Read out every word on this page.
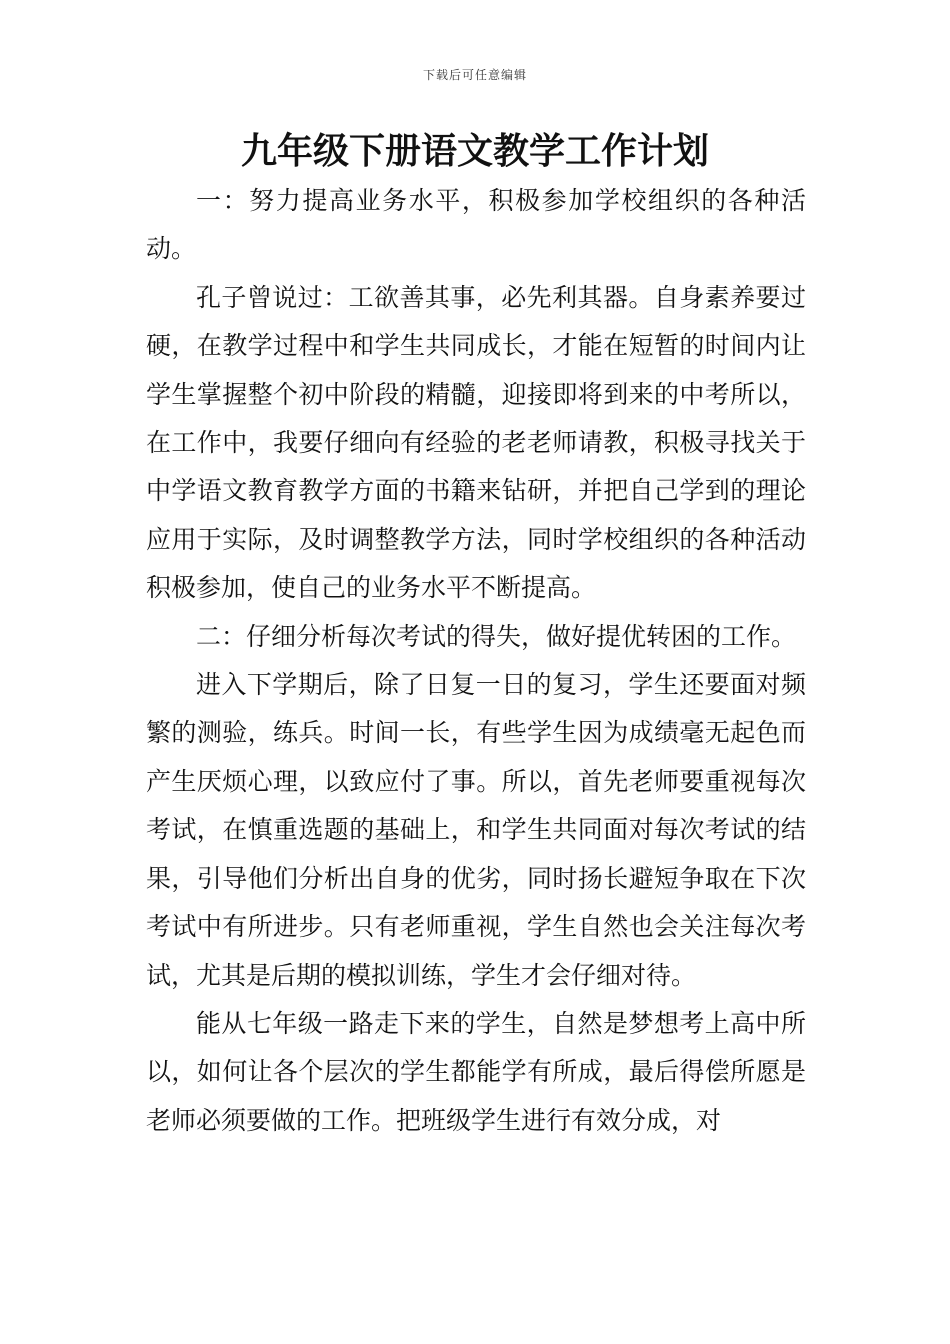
下载后可任意编辑
九年级下册语文教学工作计划

一：努力提高业务水平，积极参加学校组织的各种活动。

孔子曾说过：工欲善其事，必先利其器。自身素养要过硬，在教学过程中和学生共同成长，才能在短暂的时间内让学生掌握整个初中阶段的精髓，迎接即将到来的中考所以，在工作中，我要仔细向有经验的老老师请教，积极寻找关于中学语文教育教学方面的书籍来钻研，并把自己学到的理论应用于实际，及时调整教学方法，同时学校组织的各种活动积极参加，使自己的业务水平不断提高。

二：仔细分析每次考试的得失，做好提优转困的工作。

进入下学期后，除了日复一日的复习，学生还要面对频繁的测验，练兵。时间一长，有些学生因为成绩毫无起色而产生厌烦心理，以致应付了事。所以，首先老师要重视每次考试，在慎重选题的基础上，和学生共同面对每次考试的结果，引导他们分析出自身的优劣，同时扬长避短争取在下次考试中有所进步。只有老师重视，学生自然也会关注每次考试，尤其是后期的模拟训练，学生才会仔细对待。

能从七年级一路走下来的学生，自然是梦想考上高中所以，如何让各个层次的学生都能学有所成，最后得偿所愿是老师必须要做的工作。把班级学生进行有效分成，对
